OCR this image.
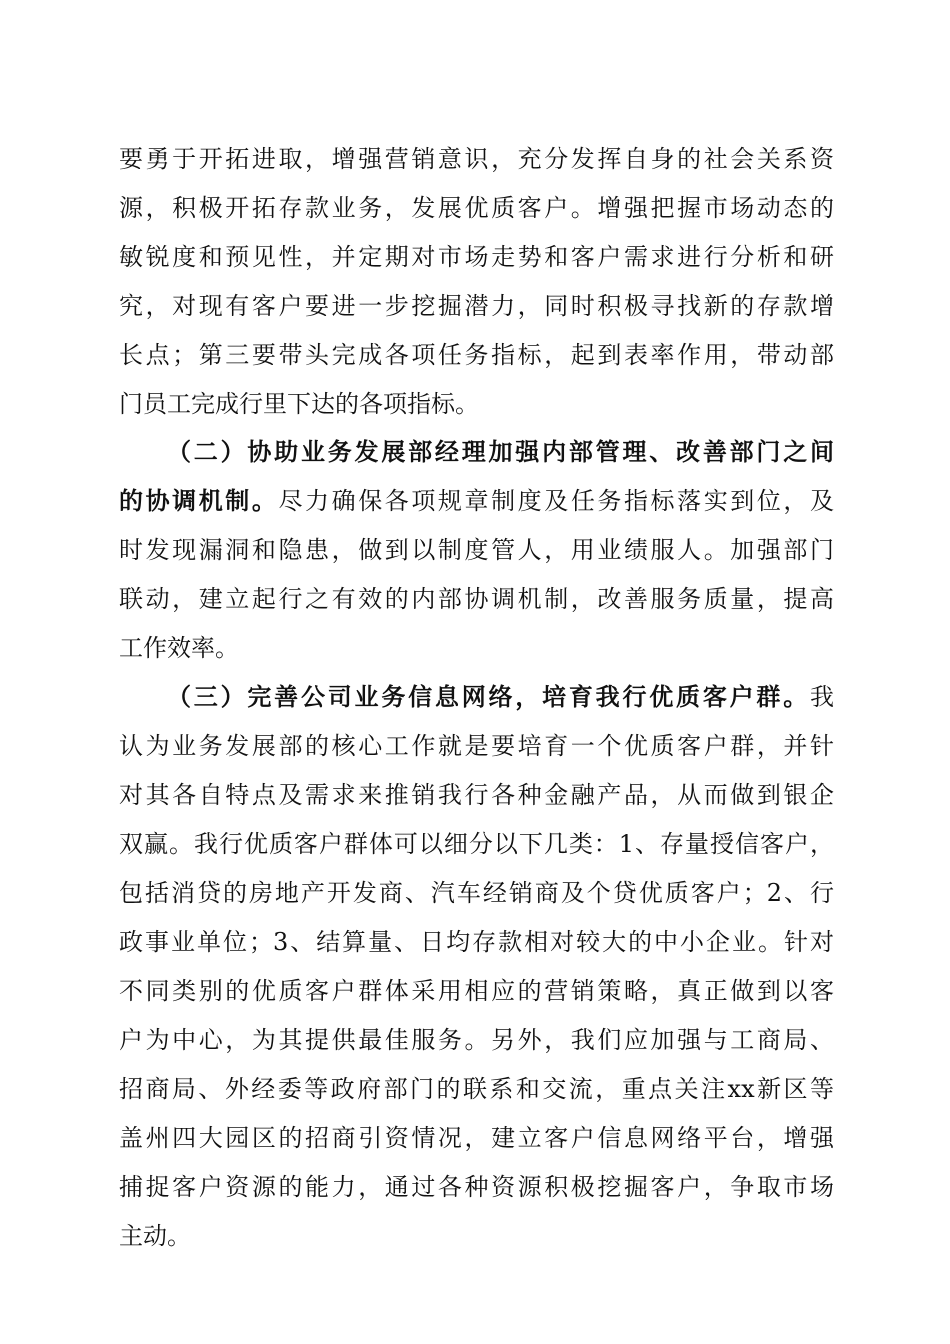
要勇于开拓进取，增强营销意识，充分发挥自身的社会关系资
源，积极开拓存款业务，发展优质客户。增强把握市场动态的
敏锐度和预见性，并定期对市场走势和客户需求进行分析和研
究，对现有客户要进一步挖掘潜力，同时积极寻找新的存款增
长点；第三要带头完成各项任务指标，起到表率作用，带动部
门员工完成行里下达的各项指标。
（二）协助业务发展部经理加强内部管理、改善部门之间
的协调机制。尽力确保各项规章制度及任务指标落实到位，及
时发现漏洞和隐患，做到以制度管人，用业绩服人。加强部门
联动，建立起行之有效的内部协调机制，改善服务质量，提高
工作效率。
（三）完善公司业务信息网络，培育我行优质客户群。我
认为业务发展部的核心工作就是要培育一个优质客户群，并针
对其各自特点及需求来推销我行各种金融产品，从而做到银企
双赢。我行优质客户群体可以细分以下几类：1、存量授信客户，
包括消贷的房地产开发商、汽车经销商及个贷优质客户；2、行
政事业单位；3、结算量、日均存款相对较大的中小企业。针对
不同类别的优质客户群体采用相应的营销策略，真正做到以客
户为中心，为其提供最佳服务。另外，我们应加强与工商局、
招商局、外经委等政府部门的联系和交流，重点关注xx新区等
盖州四大园区的招商引资情况，建立客户信息网络平台，增强
捕捉客户资源的能力，通过各种资源积极挖掘客户，争取市场
主动。
